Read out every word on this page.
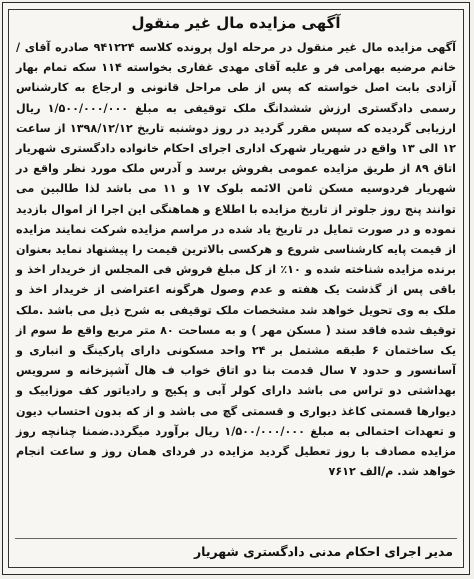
آگهی مزایده مال غیر منقول
آگهی مزایده مال غیر منقول در مرحله اول پرونده کلاسه ۹۴۱۲۲۴ صادره آقای /خانم مرضیه بهرامی فر و علیه آقای مهدی غفاری بخواسته ۱۱۴ سکه تمام بهار آزادی بابت اصل خواسته که پس از طی مراحل قانونی و ارجاع به کارشناس رسمی دادگستری ارزش ششدانگ ملک توقیفی به مبلغ ۱/۵۰۰/۰۰۰/۰۰۰ ریال ارزیابی گردیده که سپس مقرر گردید در روز دوشنبه تاریخ ۱۳۹۸/۱۲/۱۲ از ساعت ۱۲ الی ۱۳ واقع در شهریار شهرک اداری اجرای احکام خانواده دادگستری شهریار اتاق ۸۹ از طریق مزایده عمومی بفروش برسد و آدرس ملک مورد نظر واقع در شهریار فردوسیه مسکن ثامن الائمه بلوک ۱۷ و ۱۱ می باشد لذا طالبین می توانند پنج روز جلوتر از تاریخ مزایده با اطلاع و هماهنگی این اجرا از اموال بازدید نموده و در صورت تمایل در تاریخ یاد شده در مراسم مزایده شرکت نمایند مزایده از قیمت پایه کارشناسی شروع و هرکسی بالاترین قیمت را پیشنهاد نماید بعنوان برنده مزایده شناخته شده و ۱۰٪ از کل مبلغ فروش فی المجلس از خریدار اخذ و باقی پس از گذشت یک هفته و عدم وصول هرگونه اعتراضی از خریدار اخذ و ملک به وی تحویل خواهد شد مشخصات ملک توقیفی به شرح ذیل می باشد .ملک توقیف شده فاقد سند ( مسکن مهر ) و به مساحت ۸۰ متر مربع واقع ط سوم از یک ساختمان ۶ طبقه مشتمل بر ۲۴ واحد مسکونی دارای پارکینگ و انباری و آسانسور و حدود ۷ سال قدمت بنا دو اتاق خواب ف هال آشپزخانه و سرویس بهداشتی دو تراس می باشد دارای کولر آبی و پکیج و رادیاتور کف موزاییک و دیوارها قسمتی کاغذ دیواری و قسمتی گچ می باشد و از که بدون احتساب دیون و تعهدات احتمالی به مبلغ ۱/۵۰۰/۰۰۰/۰۰۰ ریال برآورد میگردد.ضمنا چنانچه روز مزایده مصادف با روز تعطیل گردید مزایده در فردای همان روز و ساعت انجام خواهد شد. م/الف ۷۶۱۲
مدیر اجرای احکام مدنی دادگستری شهریار
